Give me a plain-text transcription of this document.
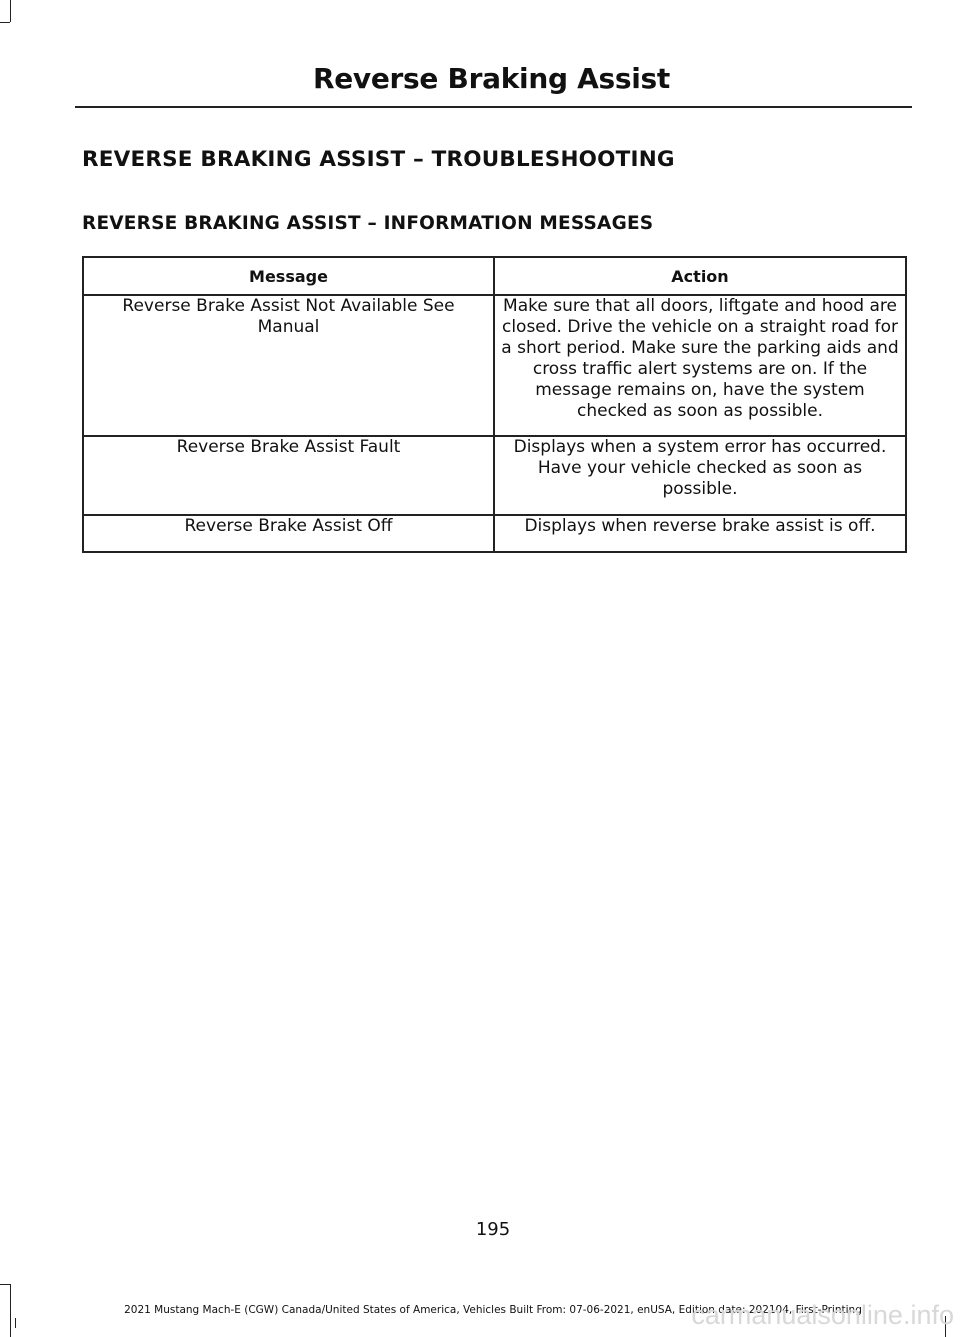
Reverse Braking Assist
REVERSE BRAKING ASSIST – TROUBLESHOOTING
REVERSE BRAKING ASSIST – INFORMATION MESSAGES
Message	Action
Reverse Brake Assist Not Available See Manual	Make sure that all doors, liftgate and hood are closed. Drive the vehicle on a straight road for a short period. Make sure the parking aids and cross traffic alert systems are on. If the message remains on, have the system checked as soon as possible.
Reverse Brake Assist Fault	Displays when a system error has occurred. Have your vehicle checked as soon as possible.
Reverse Brake Assist Off	Displays when reverse brake assist is off.
195
2021 Mustang Mach-E (CGW) Canada/United States of America, Vehicles Built From: 07-06-2021, enUSA, Edition date: 202104, First-Printing
carmanualsonline.info
